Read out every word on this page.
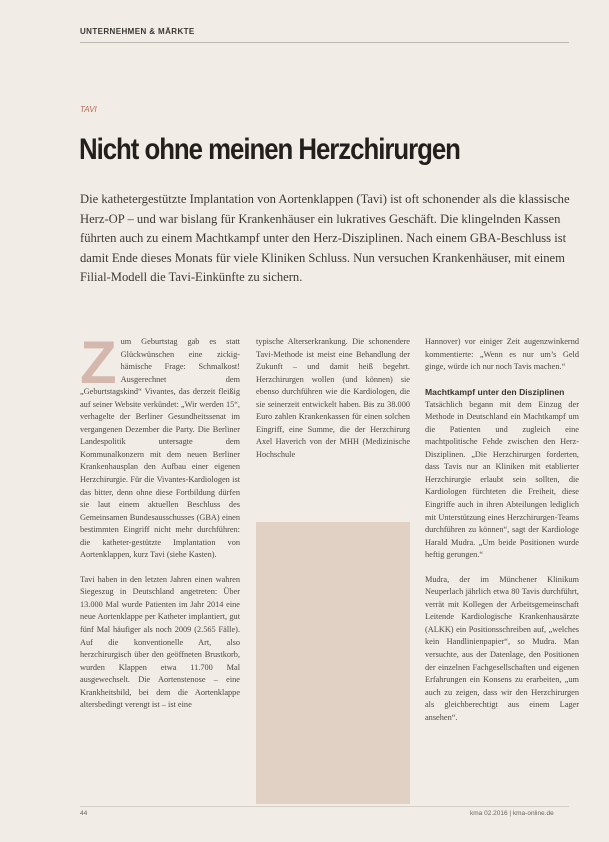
UNTERNEHMEN & MÄRKTE
TAVI
Nicht ohne meinen Herzchirurgen

Die kathetergestützte Implantation von Aortenklappen (Tavi) ist oft schonender als die klassische Herz-OP – und war bislang für Krankenhäuser ein lukratives Geschäft. Die klingelnden Kassen führten auch zu einem Machtkampf unter den Herz-Disziplinen. Nach einem GBA-Beschluss ist damit Ende dieses Monats für viele Kliniken Schluss. Nun versuchen Krankenhäuser, mit einem Filial-Modell die Tavi-Einkünfte zu sichern.

Z um Geburtstag gab es statt Glückwünschen eine zickig-hämische Frage: Schmalkost! Ausgerechnet dem „Geburtstagskind“ Vivantes, das derzeit fleißig auf seiner Website verkündet: „Wir werden 15“, verhagelte der Berliner Gesundheitssenat im vergangenen Dezember die Party. Die Berliner Landespolitik untersagte dem Kommunalkonzern mit dem neuen Berliner Krankenhausplan den Aufbau einer eigenen Herzchirurgie. Für die Vivantes-Kardiologen ist das bitter, denn ohne diese Fortbildung dürfen sie laut einem aktuellen Beschluss des Gemeinsamen Bundesausschusses (GBA) einen bestimmten Eingriff nicht mehr durchführen: die katheter-gestützte Implantation von Aortenklappen, kurz Tavi (siehe Kasten).

Tavi haben in den letzten Jahren einen wahren Siegeszug in Deutschland angetreten: Über 13.000 Mal wurde Patienten im Jahr 2014 eine neue Aortenklappe per Katheter implantiert, gut fünf Mal häufiger als noch 2009 (2.565 Fälle). Auf die konventionelle Art, also herzchirurgisch über den geöffneten Brustkorb, wurden Klappen etwa 11.700 Mal ausgewechselt. Die Aortenstenose – eine Krankheitsbild, bei dem die Aortenklappe altersbedingt verengt ist – ist eine

typische Alterserkrankung. Die schonendere Tavi-Methode ist meist eine Behandlung der Zukunft – und damit heiß begehrt. Herzchirurgen wollen (und können) sie ebenso durchführen wie die Kardiologen, die sie seinerzeit entwickelt haben. Bis zu 38.000 Euro zahlen Krankenkassen für einen solchen Eingriff, eine Summe, die der Herzchirurg Axel Haverich von der MHH (Medizinische Hochschule

Hannover) vor einiger Zeit augenzwinkernd kommentierte: „Wenn es nur um’s Geld ginge, würde ich nur noch Tavis machen.“

Machtkampf unter den Disziplinen

Tatsächlich begann mit dem Einzug der Methode in Deutschland ein Machtkampf um die Patienten und zugleich eine machtpolitische Fehde zwischen den Herz-Disziplinen. „Die Herzchirurgen forderten, dass Tavis nur an Kliniken mit etablierter Herzchirurgie erlaubt sein sollten, die Kardiologen fürchteten die Freiheit, diese Eingriffe auch in ihren Abteilungen lediglich mit Unterstützung eines Herzchirurgen-Teams durchführen zu können“, sagt der Kardiologe Harald Mudra. „Um beide Positionen wurde heftig gerungen.“

Mudra, der im Münchener Klinikum Neuperlach jährlich etwa 80 Tavis durchführt, verrät mit Kollegen der Arbeitsgemeinschaft Leitende Kardiologische Krankenhausärzte (ALKK) ein Positionsschreiben auf, „welches kein Handlinienpapier“, so Mudra. Man versuchte, aus der Datenlage, den Positionen der einzelnen Fachgesellschaften und eigenen Erfahrungen ein Konsens zu erarbeiten, „um auch zu zeigen, dass wir den Herzchirurgen als gleichberechtigt aus einem Lager ansehen“.

44	kma 02.2016 | kma-online.de
